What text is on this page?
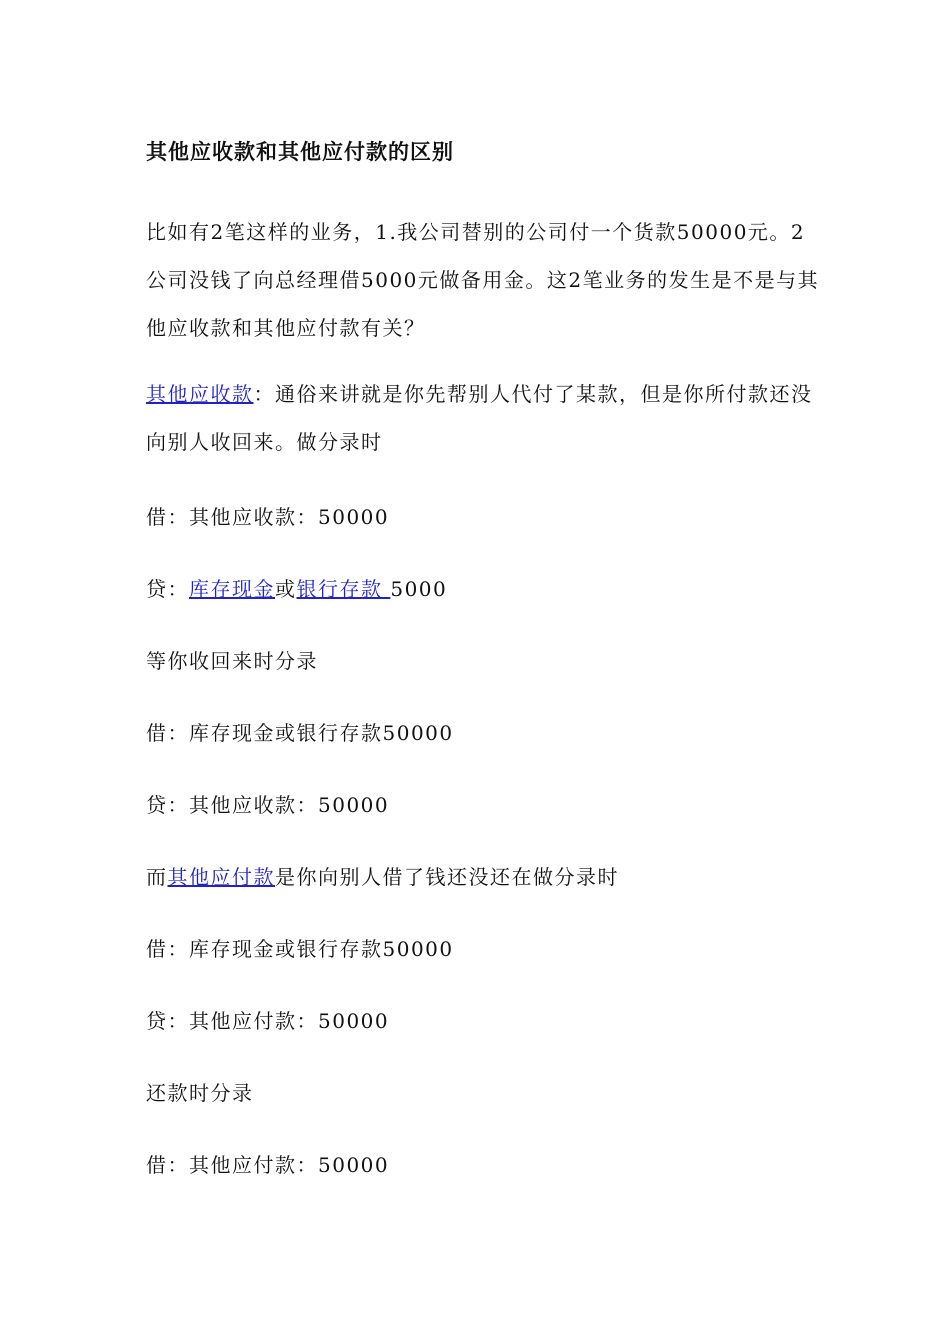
其他应收款和其他应付款的区别

比如有2笔这样的业务，1.我公司替别的公司付一个货款50000元。2公司没钱了向总经理借5000元做备用金。这2笔业务的发生是不是与其他应收款和其他应付款有关？

其他应收款：通俗来讲就是你先帮别人代付了某款，但是你所付款还没向别人收回来。做分录时

借：其他应收款：50000

贷：库存现金或银行存款 5000

等你收回来时分录

借：库存现金或银行存款50000

贷：其他应收款：50000

而其他应付款是你向别人借了钱还没还在做分录时

借：库存现金或银行存款50000

贷：其他应付款：50000

还款时分录

借：其他应付款：50000
